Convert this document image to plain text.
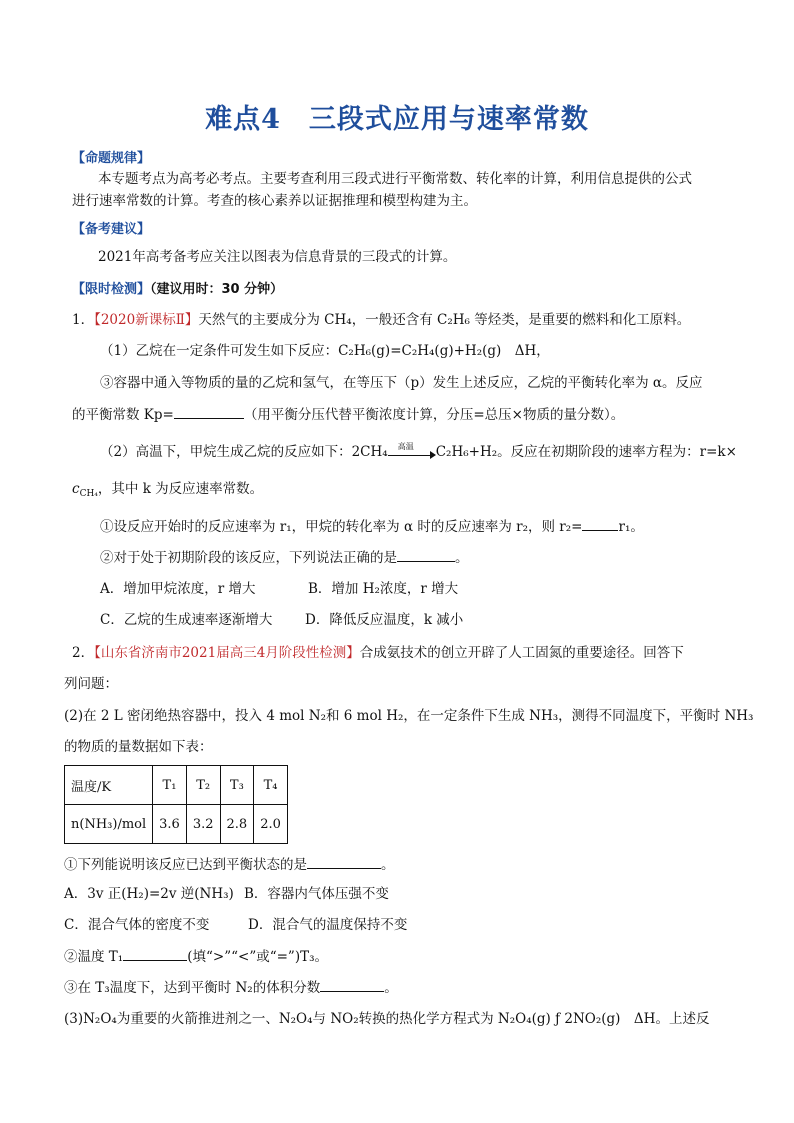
难点4 三段式应用与速率常数
【命题规律】
本专题考点为高考必考点。主要考查利用三段式进行平衡常数、转化率的计算，利用信息提供的公式
进行速率常数的计算。考查的核心素养以证据推理和模型构建为主。
【备考建议】
2021年高考备考应关注以图表为信息背景的三段式的计算。
【限时检测】（建议用时：30 分钟）
1．【2020新课标Ⅱ】天然气的主要成分为 CH₄，一般还含有 C₂H₆ 等烃类，是重要的燃料和化工原料。
（1）乙烷在一定条件可发生如下反应：C₂H₆(g)=C₂H₄(g)+H₂(g)　ΔH，
③容器中通入等物质的量的乙烷和氢气，在等压下（p）发生上述反应，乙烷的平衡转化率为 α。反应
的平衡常数 Kp=	（用平衡分压代替平衡浓度计算，分压=总压×物质的量分数）。
（2）高温下，甲烷生成乙烷的反应如下：2CH₄ 高温 C₂H₆+H₂。反应在初期阶段的速率方程为：r=k×
$c_{CH_4}$，其中 k 为反应速率常数。
①设反应开始时的反应速率为 r₁，甲烷的转化率为 α 时的反应速率为 r₂，则 r₂=	r₁。
②对于处于初期阶段的该反应，下列说法正确的是	。
A．增加甲烷浓度，r 增大	B．增加 H₂浓度，r 增大
C．乙烷的生成速率逐渐增大 D．降低反应温度，k 减小
2．【山东省济南市2021届高三4月阶段性检测】合成氨技术的创立开辟了人工固氮的重要途径。回答下
列问题：
(2)在 2 L 密闭绝热容器中，投入 4 mol N₂和 6 mol H₂，在一定条件下生成 NH₃，测得不同温度下，平衡时 NH₃
的物质的量数据如下表：
温度/K	T₁	T₂	T₃	T₄
n(NH₃)/mol	3.6	3.2	2.8	2.0
①下列能说明该反应已达到平衡状态的是	。
A．3v 正(H₂)=2v 逆(NH₃) B．容器内气体压强不变
C．混合气体的密度不变	D．混合气的温度保持不变
②温度 T₁	(填“>”“<”或“=”)T₃。
③在 T₃温度下，达到平衡时 N₂的体积分数	。
(3)N₂O₄为重要的火箭推进剂之一、N₂O₄与 NO₂转换的热化学方程式为 N₂O₄(g) ƒ 2NO₂(g)　ΔH。上述反
